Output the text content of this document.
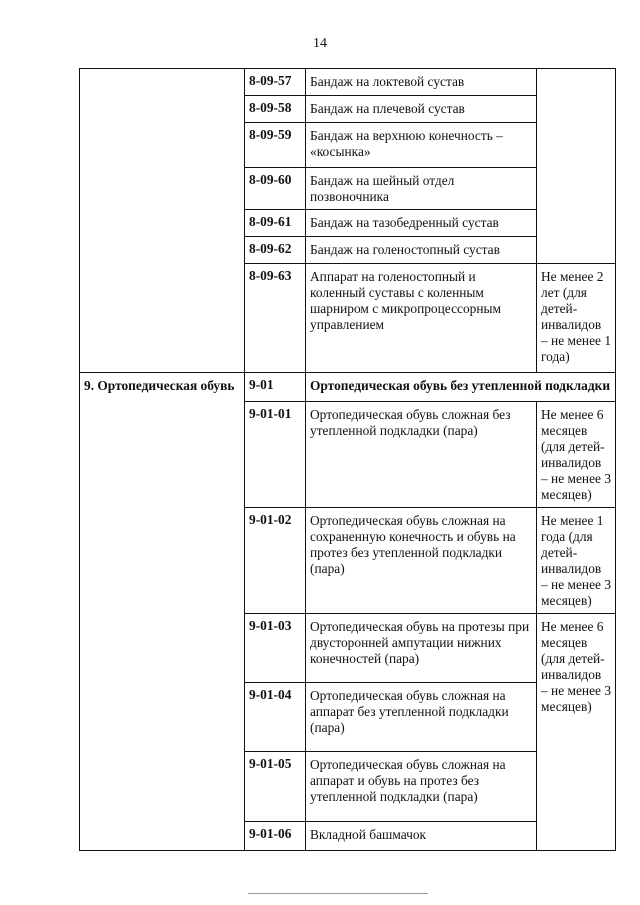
14
	8-09-57	Бандаж на локтевой сустав	
	8-09-58	Бандаж на плечевой сустав	
	8-09-59	Бандаж на верхнюю конечность – «косынка»	
	8-09-60	Бандаж на шейный отдел позвоночника	
	8-09-61	Бандаж на тазобедренный сустав	
	8-09-62	Бандаж на голеностопный сустав	
	8-09-63	Аппарат на голеностопный и коленный суставы с коленным шарниром с микропроцессорным управлением	Не менее 2 лет (для детей-инвалидов – не менее 1 года)
9. Ортопедическая обувь	9-01	Ортопедическая обувь без утепленной подкладки	
	9-01-01	Ортопедическая обувь сложная без утепленной подкладки (пара)	Не менее 6 месяцев (для детей-инвалидов – не менее 3 месяцев)
	9-01-02	Ортопедическая обувь сложная на сохраненную конечность и обувь на протез без утепленной подкладки (пара)	Не менее 1 года (для детей-инвалидов – не менее 3 месяцев)
	9-01-03	Ортопедическая обувь на протезы при двусторонней ампутации нижних конечностей (пара)	Не менее 6 месяцев (для детей-инвалидов – не менее 3 месяцев)
	9-01-04	Ортопедическая обувь сложная на аппарат без утепленной подкладки (пара)	
	9-01-05	Ортопедическая обувь сложная на аппарат и обувь на протез без утепленной подкладки (пара)	
	9-01-06	Вкладной башмачок	
